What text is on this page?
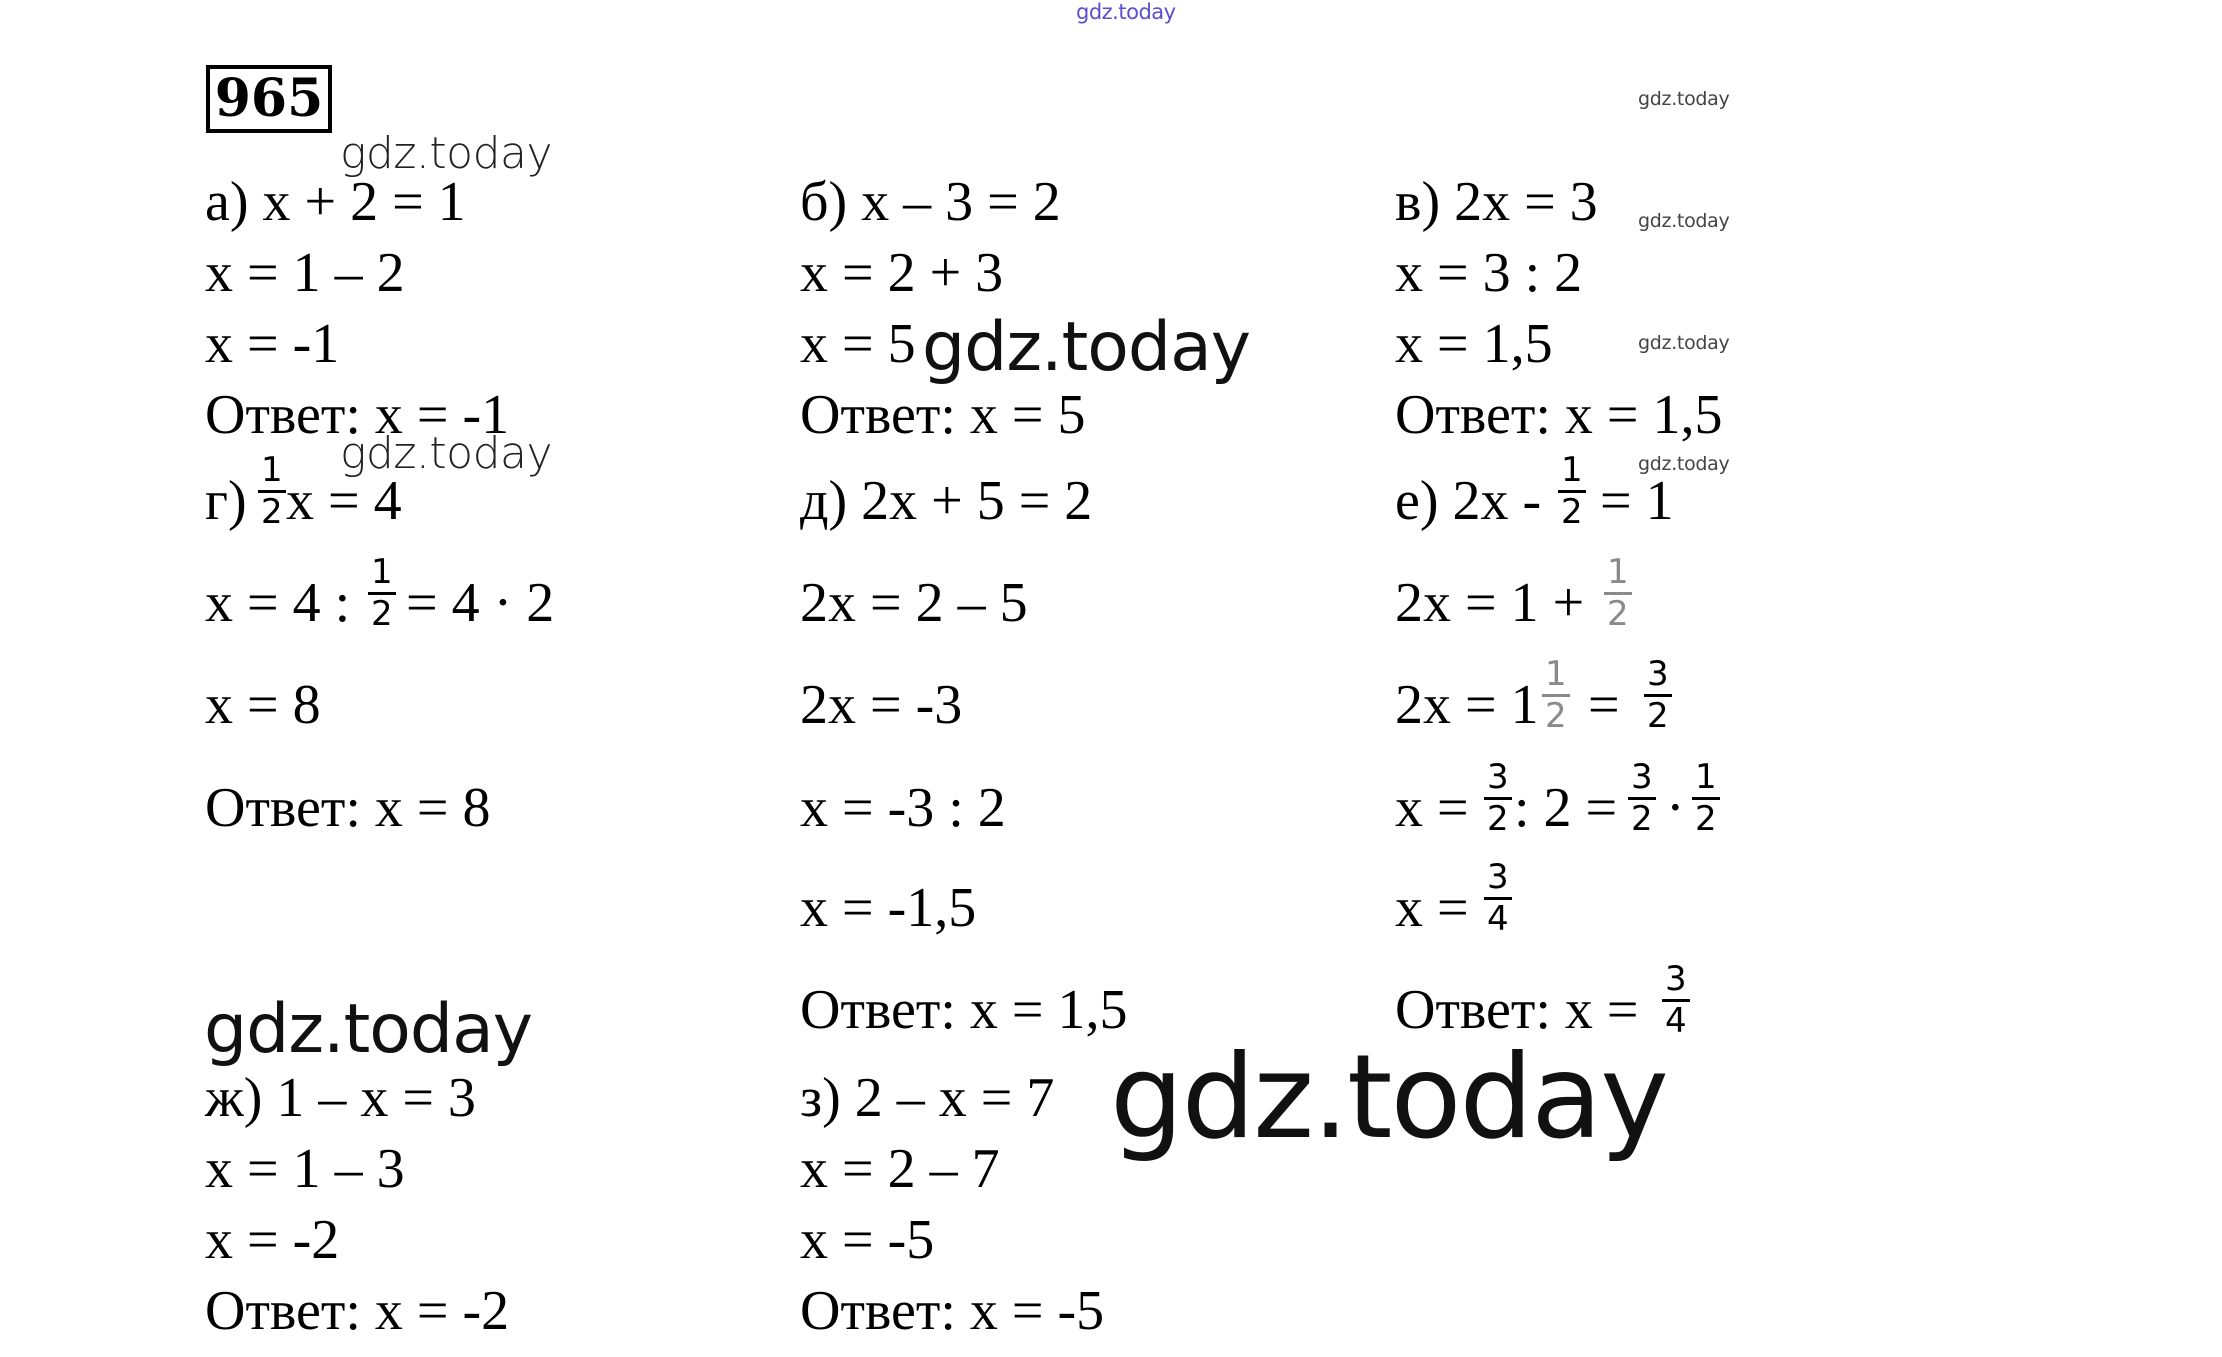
gdz.today
gdz.today
gdz.today
gdz.today
gdz.today
gdz.today
gdz.today
gdz.today
gdz.today
gdz.today
965
а) x + 2 = 1
x = 1 – 2
x = -1
Ответ: x = -1
б) x – 3 = 2
x = 2 + 3
x = 5
Ответ: x = 5
в) 2x = 3
x = 3 : 2
x = 1,5
Ответ: x = 1,5
г) 1
2 x = 4
x = 4 : 1
2 = 4 · 2
x = 8
Ответ: x = 8
д) 2x + 5 = 2
2x = 2 – 5
2x = -3
x = -3 : 2
x = -1,5
Ответ: x = 1,5
е) 2x - 1
2 = 1
2x = 1 + 1
2
2x = 1 1
2 = 3
2
x = 3
2 : 2 = 3
2 · 1
2
x = 3
4
Ответ: x = 3
4
ж) 1 – x = 3
x = 1 – 3
x = -2
Ответ: x = -2
з) 2 – x = 7
x = 2 – 7
x = -5
Ответ: x = -5
